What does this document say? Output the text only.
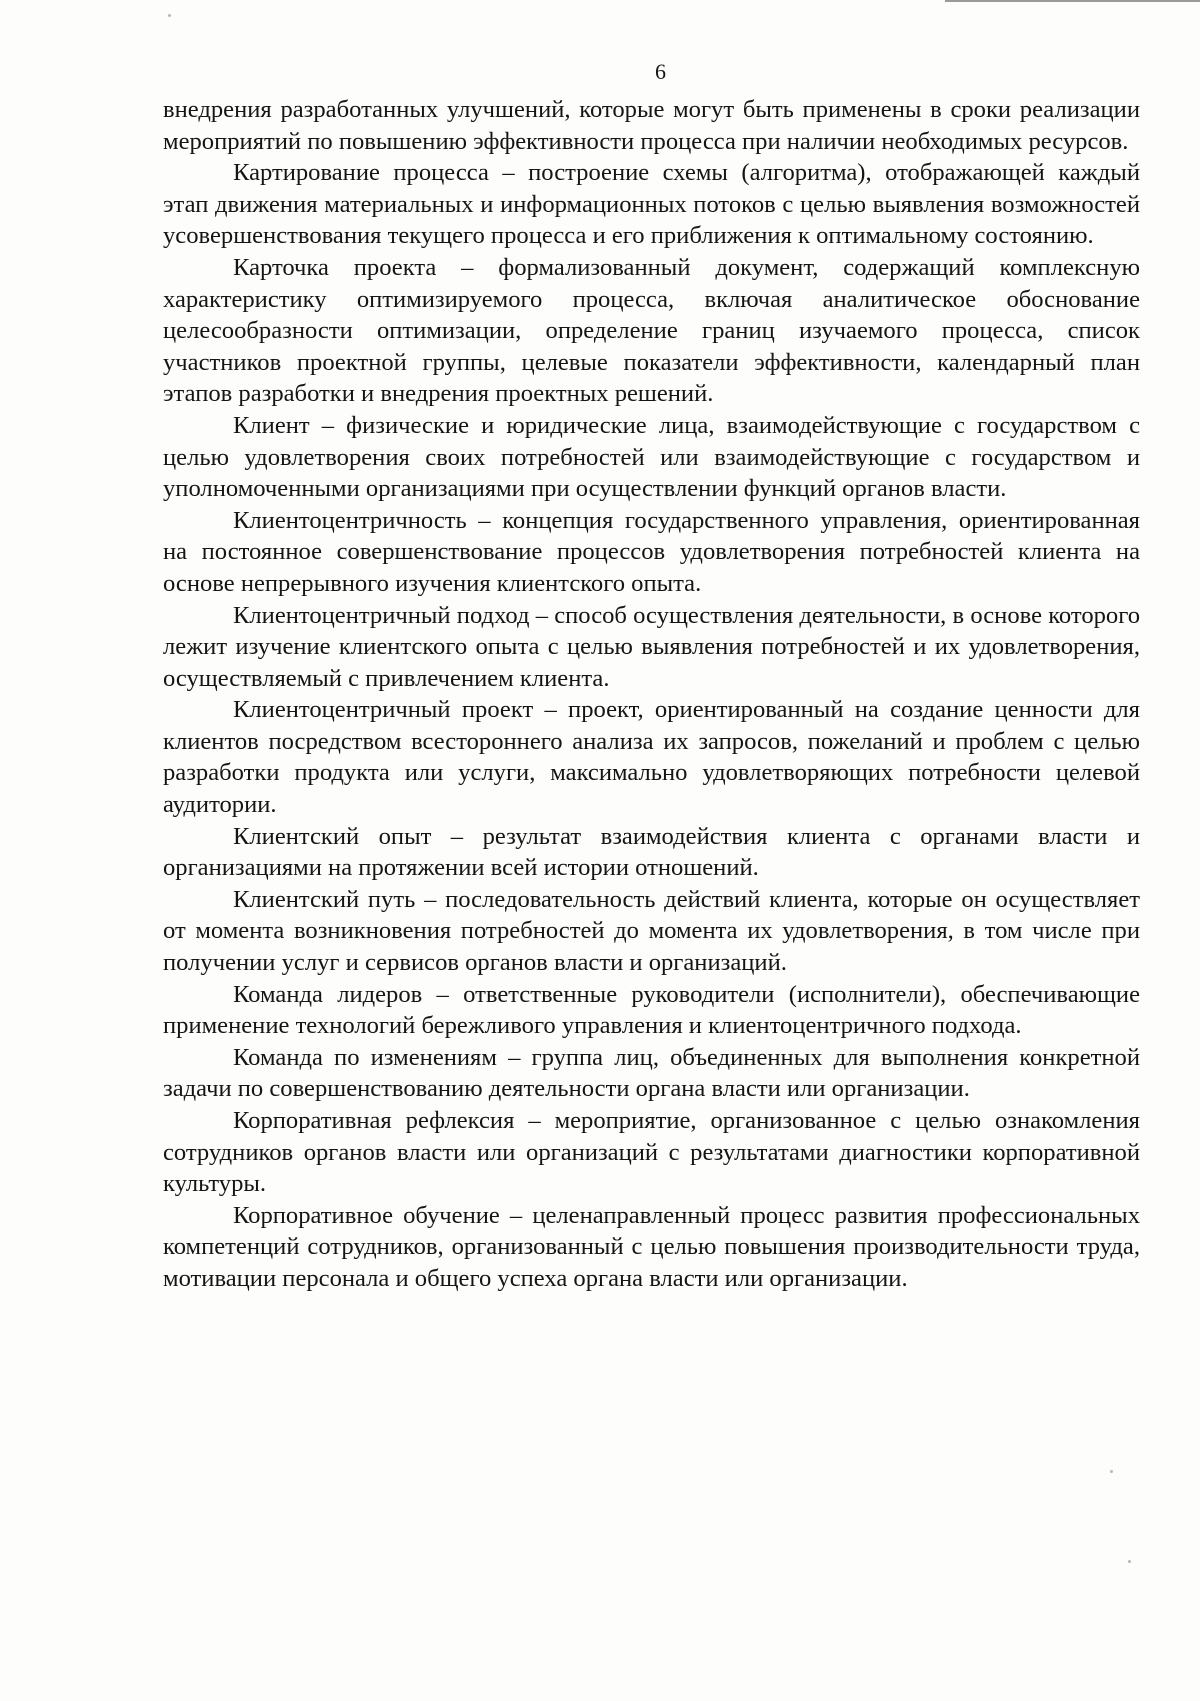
6

внедрения разработанных улучшений, которые могут быть применены в сроки реализации мероприятий по повышению эффективности процесса при наличии необходимых ресурсов.

Картирование процесса – построение схемы (алгоритма), отображающей каждый этап движения материальных и информационных потоков с целью выявления возможностей усовершенствования текущего процесса и его приближения к оптимальному состоянию.

Карточка проекта – формализованный документ, содержащий комплексную характеристику оптимизируемого процесса, включая аналитическое обоснование целесообразности оптимизации, определение границ изучаемого процесса, список участников проектной группы, целевые показатели эффективности, календарный план этапов разработки и внедрения проектных решений.

Клиент – физические и юридические лица, взаимодействующие с государством с целью удовлетворения своих потребностей или взаимодействующие с государством и уполномоченными организациями при осуществлении функций органов власти.

Клиентоцентричность – концепция государственного управления, ориентированная на постоянное совершенствование процессов удовлетворения потребностей клиента на основе непрерывного изучения клиентского опыта.

Клиентоцентричный подход – способ осуществления деятельности, в основе которого лежит изучение клиентского опыта с целью выявления потребностей и их удовлетворения, осуществляемый с привлечением клиента.

Клиентоцентричный проект – проект, ориентированный на создание ценности для клиентов посредством всестороннего анализа их запросов, пожеланий и проблем с целью разработки продукта или услуги, максимально удовлетворяющих потребности целевой аудитории.

Клиентский опыт – результат взаимодействия клиента с органами власти и организациями на протяжении всей истории отношений.

Клиентский путь – последовательность действий клиента, которые он осуществляет от момента возникновения потребностей до момента их удовлетворения, в том числе при получении услуг и сервисов органов власти и организаций.

Команда лидеров – ответственные руководители (исполнители), обеспечивающие применение технологий бережливого управления и клиентоцентричного подхода.

Команда по изменениям – группа лиц, объединенных для выполнения конкретной задачи по совершенствованию деятельности органа власти или организации.

Корпоративная рефлексия – мероприятие, организованное с целью ознакомления сотрудников органов власти или организаций с результатами диагностики корпоративной культуры.

Корпоративное обучение – целенаправленный процесс развития профессиональных компетенций сотрудников, организованный с целью повышения производительности труда, мотивации персонала и общего успеха органа власти или организации.
